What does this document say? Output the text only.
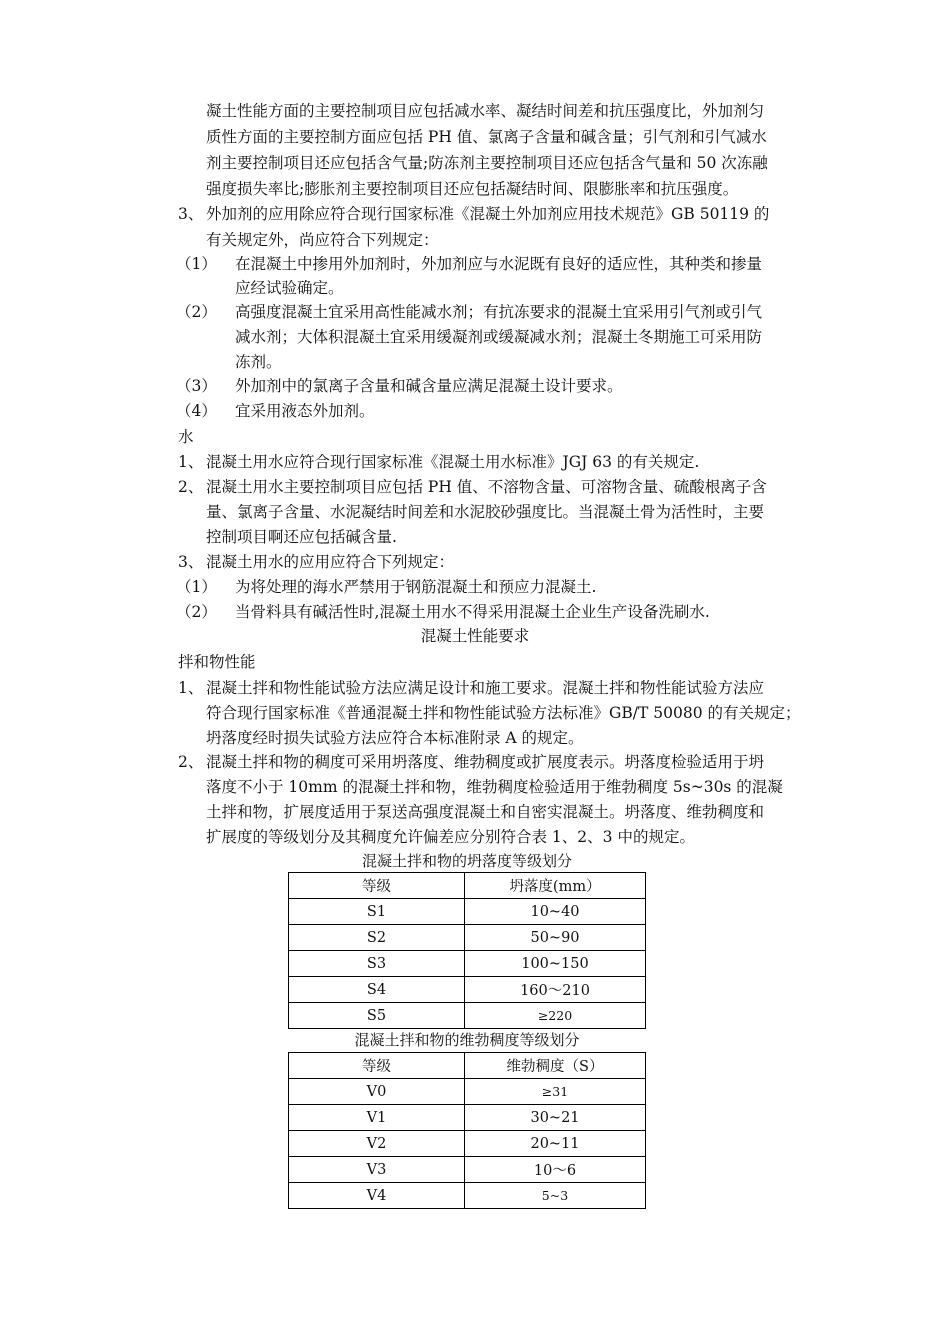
凝土性能方面的主要控制项目应包括减水率、凝结时间差和抗压强度比，外加剂匀
质性方面的主要控制方面应包括 PH 值、氯离子含量和碱含量；引气剂和引气减水
剂主要控制项目还应包括含气量;防冻剂主要控制项目还应包括含气量和 50 次冻融
强度损失率比;膨胀剂主要控制项目还应包括凝结时间、限膨胀率和抗压强度。
3、 外加剂的应用除应符合现行国家标准《混凝土外加剂应用技术规范》GB 50119 的
有关规定外，尚应符合下列规定：
（1） 在混凝土中掺用外加剂时，外加剂应与水泥既有良好的适应性，其种类和掺量
应经试验确定。
（2） 高强度混凝土宜采用高性能减水剂；有抗冻要求的混凝土宜采用引气剂或引气
减水剂；大体积混凝土宜采用缓凝剂或缓凝减水剂；混凝土冬期施工可采用防
冻剂。
（3） 外加剂中的氯离子含量和碱含量应满足混凝土设计要求。
（4） 宜采用液态外加剂。
水
1、 混凝土用水应符合现行国家标准《混凝土用水标准》JGJ 63 的有关规定.
2、 混凝土用水主要控制项目应包括 PH 值、不溶物含量、可溶物含量、硫酸根离子含
量、氯离子含量、水泥凝结时间差和水泥胶砂强度比。当混凝土骨为活性时，主要
控制项目啊还应包括碱含量.
3、 混凝土用水的应用应符合下列规定：
（1） 为将处理的海水严禁用于钢筋混凝土和预应力混凝土.
（2） 当骨料具有碱活性时,混凝土用水不得采用混凝土企业生产设备洗刷水.
混凝土性能要求
拌和物性能
1、 混凝土拌和物性能试验方法应满足设计和施工要求。混凝土拌和物性能试验方法应
符合现行国家标准《普通混凝土拌和物性能试验方法标准》GB/T 50080 的有关规定；
坍落度经时损失试验方法应符合本标准附录 A 的规定。
2、 混凝土拌和物的稠度可采用坍落度、维勃稠度或扩展度表示。坍落度检验适用于坍
落度不小于 10mm 的混凝土拌和物，维勃稠度检验适用于维勃稠度 5s~30s 的混凝
土拌和物，扩展度适用于泵送高强度混凝土和自密实混凝土。坍落度、维勃稠度和
扩展度的等级划分及其稠度允许偏差应分别符合表 1、2、3 中的规定。
混凝土拌和物的坍落度等级划分
等级	坍落度(mm）
S1	10~40
S2	50~90
S3	100~150
S4	160～210
S5	≥220
混凝土拌和物的维勃稠度等级划分
等级	维勃稠度（S）
V0	≥31
V1	30~21
V2	20~11
V3	10～6
V4	5~3
